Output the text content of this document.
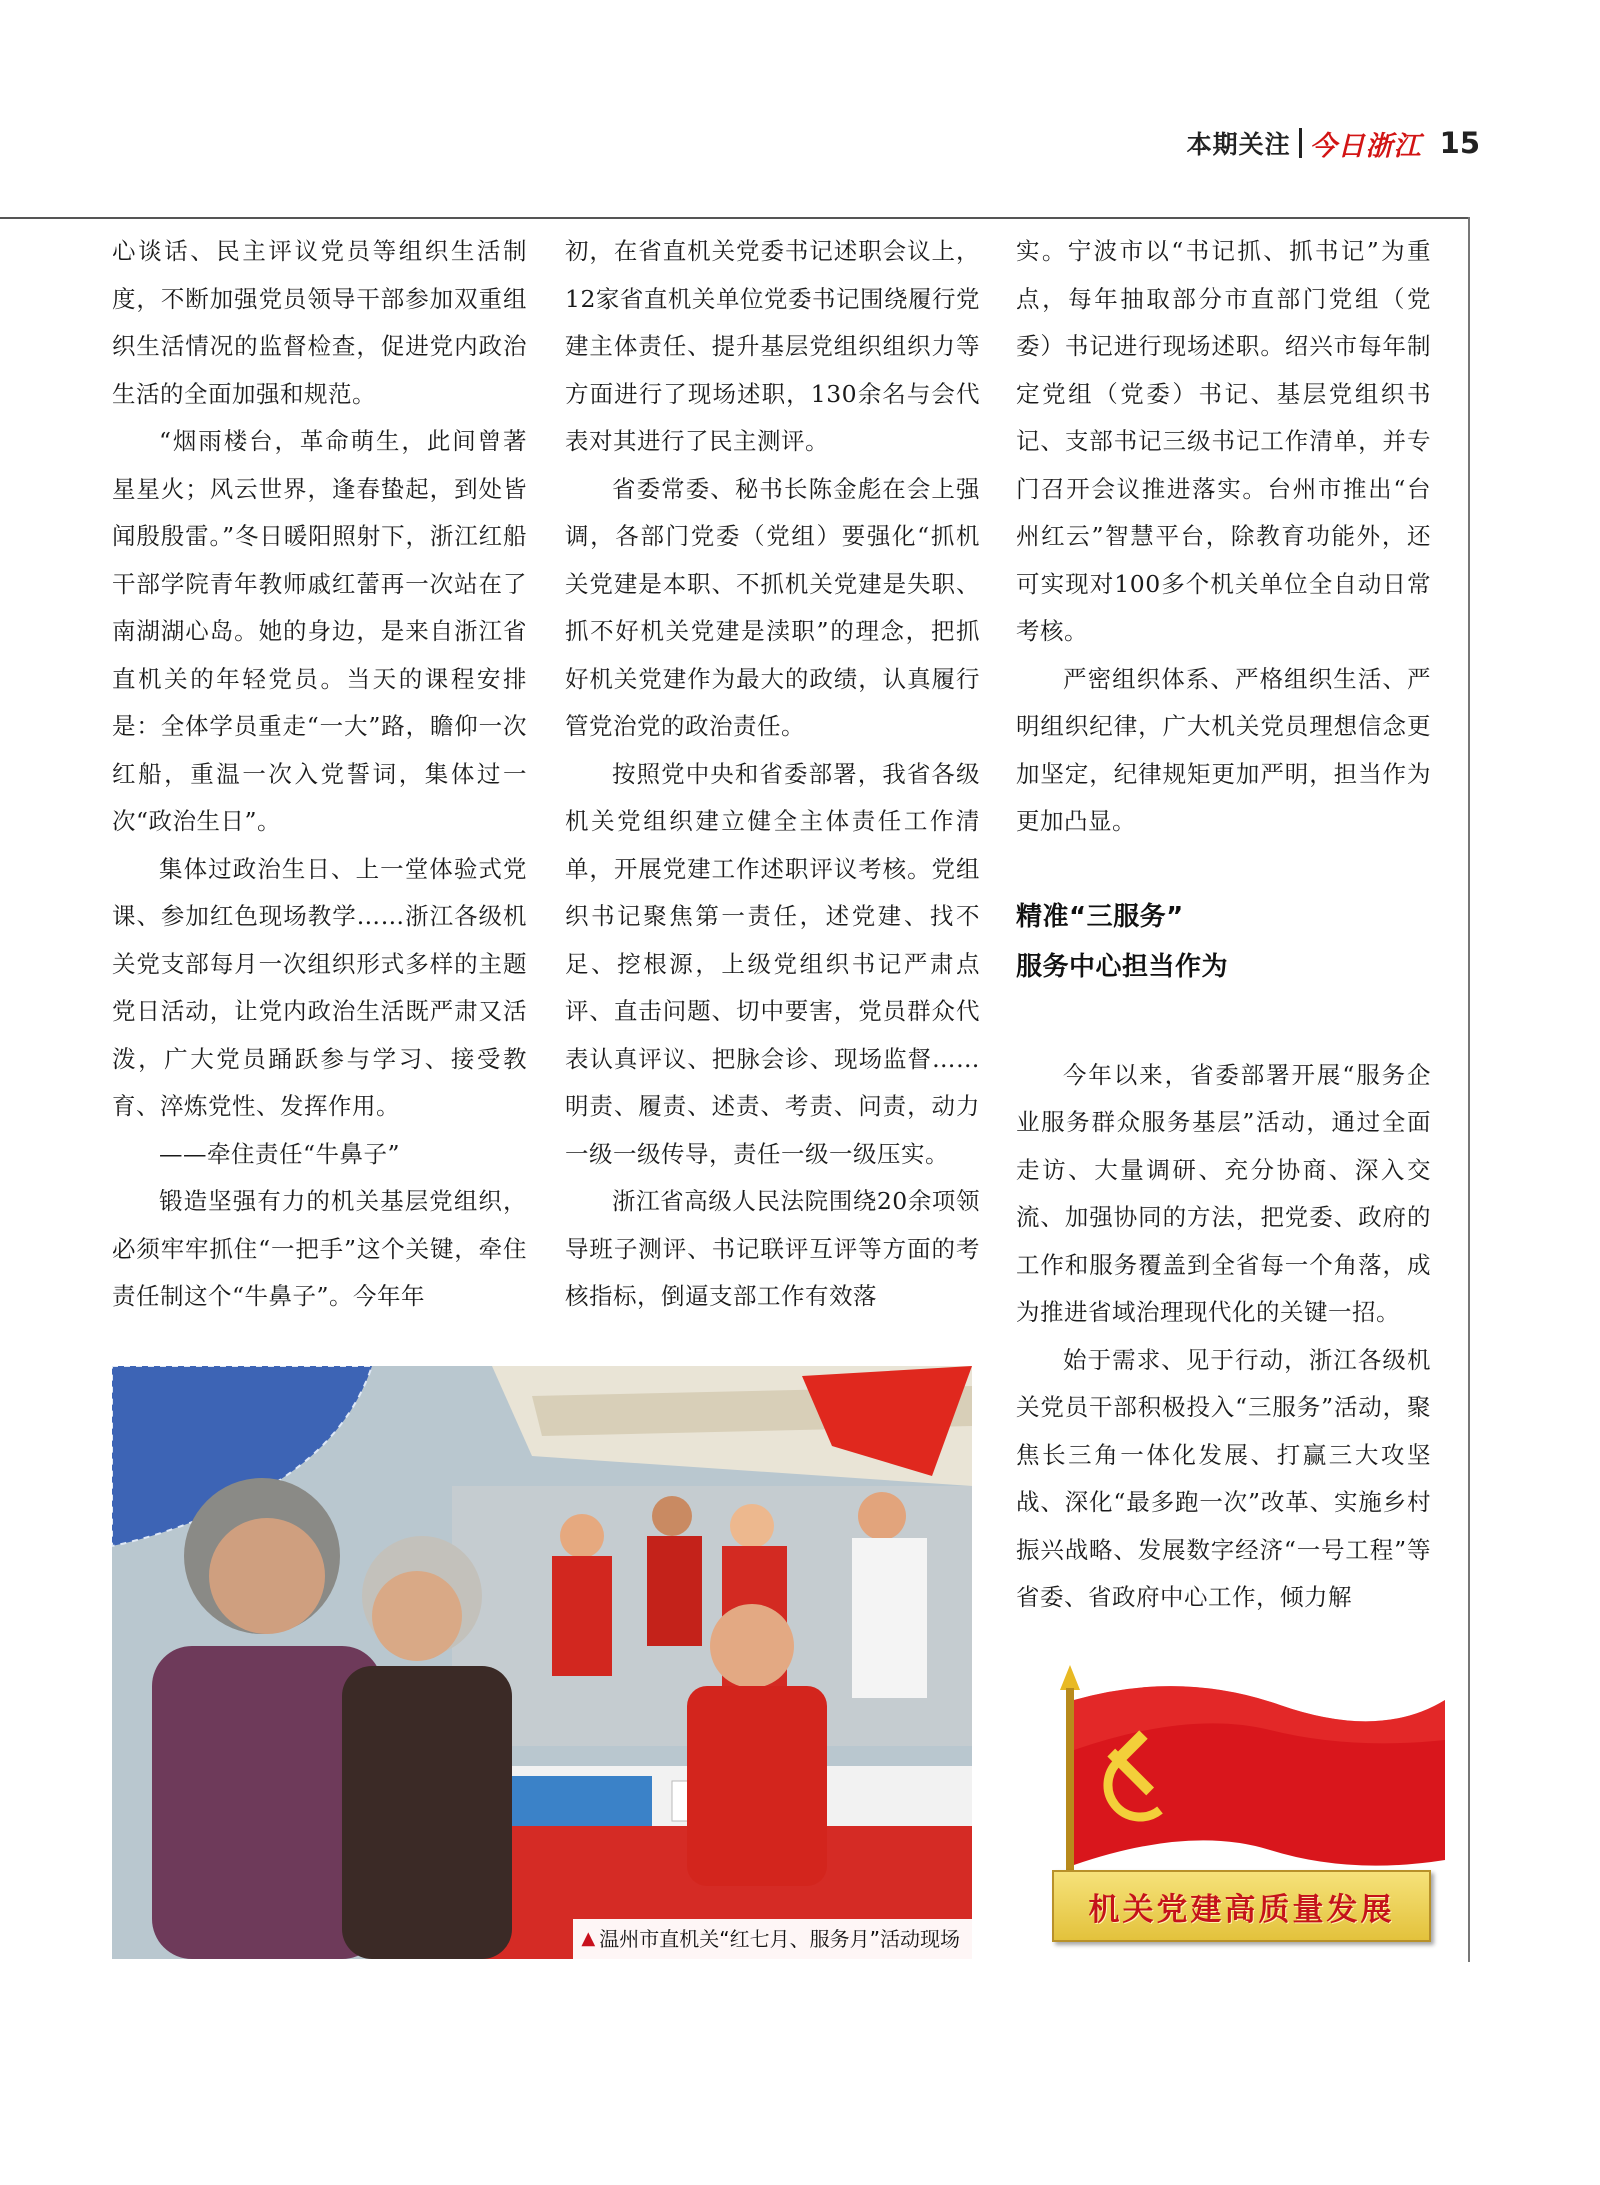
本期关注 今日浙江 15

心谈话、民主评议党员等组织生活制度，不断加强党员领导干部参加双重组织生活情况的监督检查，促进党内政治生活的全面加强和规范。

“烟雨楼台，革命萌生，此间曾著星星火；风云世界，逢春蛰起，到处皆闻殷殷雷。”冬日暖阳照射下，浙江红船干部学院青年教师戚红蕾再一次站在了南湖湖心岛。她的身边，是来自浙江省直机关的年轻党员。当天的课程安排是：全体学员重走“一大”路，瞻仰一次红船，重温一次入党誓词，集体过一次“政治生日”。

集体过政治生日、上一堂体验式党课、参加红色现场教学……浙江各级机关党支部每月一次组织形式多样的主题党日活动，让党内政治生活既严肃又活泼，广大党员踊跃参与学习、接受教育、淬炼党性、发挥作用。

——牵住责任“牛鼻子”

锻造坚强有力的机关基层党组织，必须牢牢抓住“一把手”这个关键，牵住责任制这个“牛鼻子”。今年年

初，在省直机关党委书记述职会议上，12家省直机关单位党委书记围绕履行党建主体责任、提升基层党组织组织力等方面进行了现场述职，130余名与会代表对其进行了民主测评。

省委常委、秘书长陈金彪在会上强调，各部门党委（党组）要强化“抓机关党建是本职、不抓机关党建是失职、抓不好机关党建是渎职”的理念，把抓好机关党建作为最大的政绩，认真履行管党治党的政治责任。

按照党中央和省委部署，我省各级机关党组织建立健全主体责任工作清单，开展党建工作述职评议考核。党组织书记聚焦第一责任，述党建、找不足、挖根源，上级党组织书记严肃点评、直击问题、切中要害，党员群众代表认真评议、把脉会诊、现场监督……明责、履责、述责、考责、问责，动力一级一级传导，责任一级一级压实。

浙江省高级人民法院围绕20余项领导班子测评、书记联评互评等方面的考核指标，倒逼支部工作有效落

实。宁波市以“书记抓、抓书记”为重点，每年抽取部分市直部门党组（党委）书记进行现场述职。绍兴市每年制定党组（党委）书记、基层党组织书记、支部书记三级书记工作清单，并专门召开会议推进落实。台州市推出“台州红云”智慧平台，除教育功能外，还可实现对100多个机关单位全自动日常考核。

严密组织体系、严格组织生活、严明组织纪律，广大机关党员理想信念更加坚定，纪律规矩更加严明，担当作为更加凸显。

精准“三服务”
服务中心担当作为

今年以来，省委部署开展“服务企业服务群众服务基层”活动，通过全面走访、大量调研、充分协商、深入交流、加强协同的方法，把党委、政府的工作和服务覆盖到全省每一个角落，成为推进省域治理现代化的关键一招。

始于需求、见于行动，浙江各级机关党员干部积极投入“三服务”活动，聚焦长三角一体化发展、打赢三大攻坚战、深化“最多跑一次”改革、实施乡村振兴战略、发展数字经济“一号工程”等省委、省政府中心工作，倾力解

▲ 温州市直机关“红七月、服务月”活动现场
机关党建高质量发展
